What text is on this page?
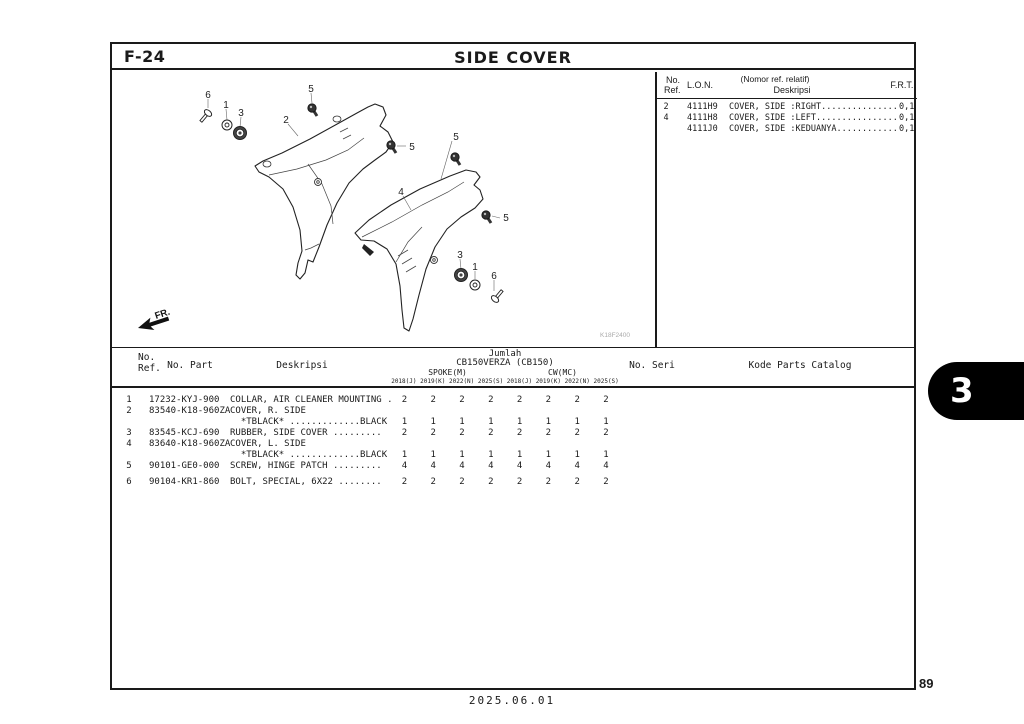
F-24	SIDE COVER
6
1
3
2
5
5
5
4
5
3
1
6
FR.
K18F2400
No.
Ref. L.O.N.
(Nomor ref. relatif)
Deskripsi	F.R.T.
2	4111H9	COVER, SIDE :RIGHT............... 0,1
4	4111H8	COVER, SIDE :LEFT................ 0,1
4111J0	COVER, SIDE :KEDUANYA............ 0,1
No.
Ref. No. Part	Deskripsi
Jumlah
CB150VERZA (CB150)
SPOKE(M)	CW(MC)
2018(J) 2019(K) 2022(N) 2025(S) 2018(J) 2019(K) 2022(N) 2025(S)
No. Seri	Kode Parts Catalog
1	17232-KYJ-900	COLLAR, AIR CLEANER MOUNTING .	2	2	2	2	2	2	2	2
2	83540-K18-960ZA COVER, R. SIDE
*TBLACK* .............BLACK	1	1	1	1	1	1	1	1
3	83545-KCJ-690	RUBBER, SIDE COVER .........	2	2	2	2	2	2	2	2
4	83640-K18-960ZA COVER, L. SIDE
*TBLACK* .............BLACK	1	1	1	1	1	1	1	1
5	90101-GE0-000	SCREW, HINGE PATCH .........	4	4	4	4	4	4	4	4
6	90104-KR1-860	BOLT, SPECIAL, 6X22 ........	2	2	2	2	2	2	2	2
3
89
2025.06.01
